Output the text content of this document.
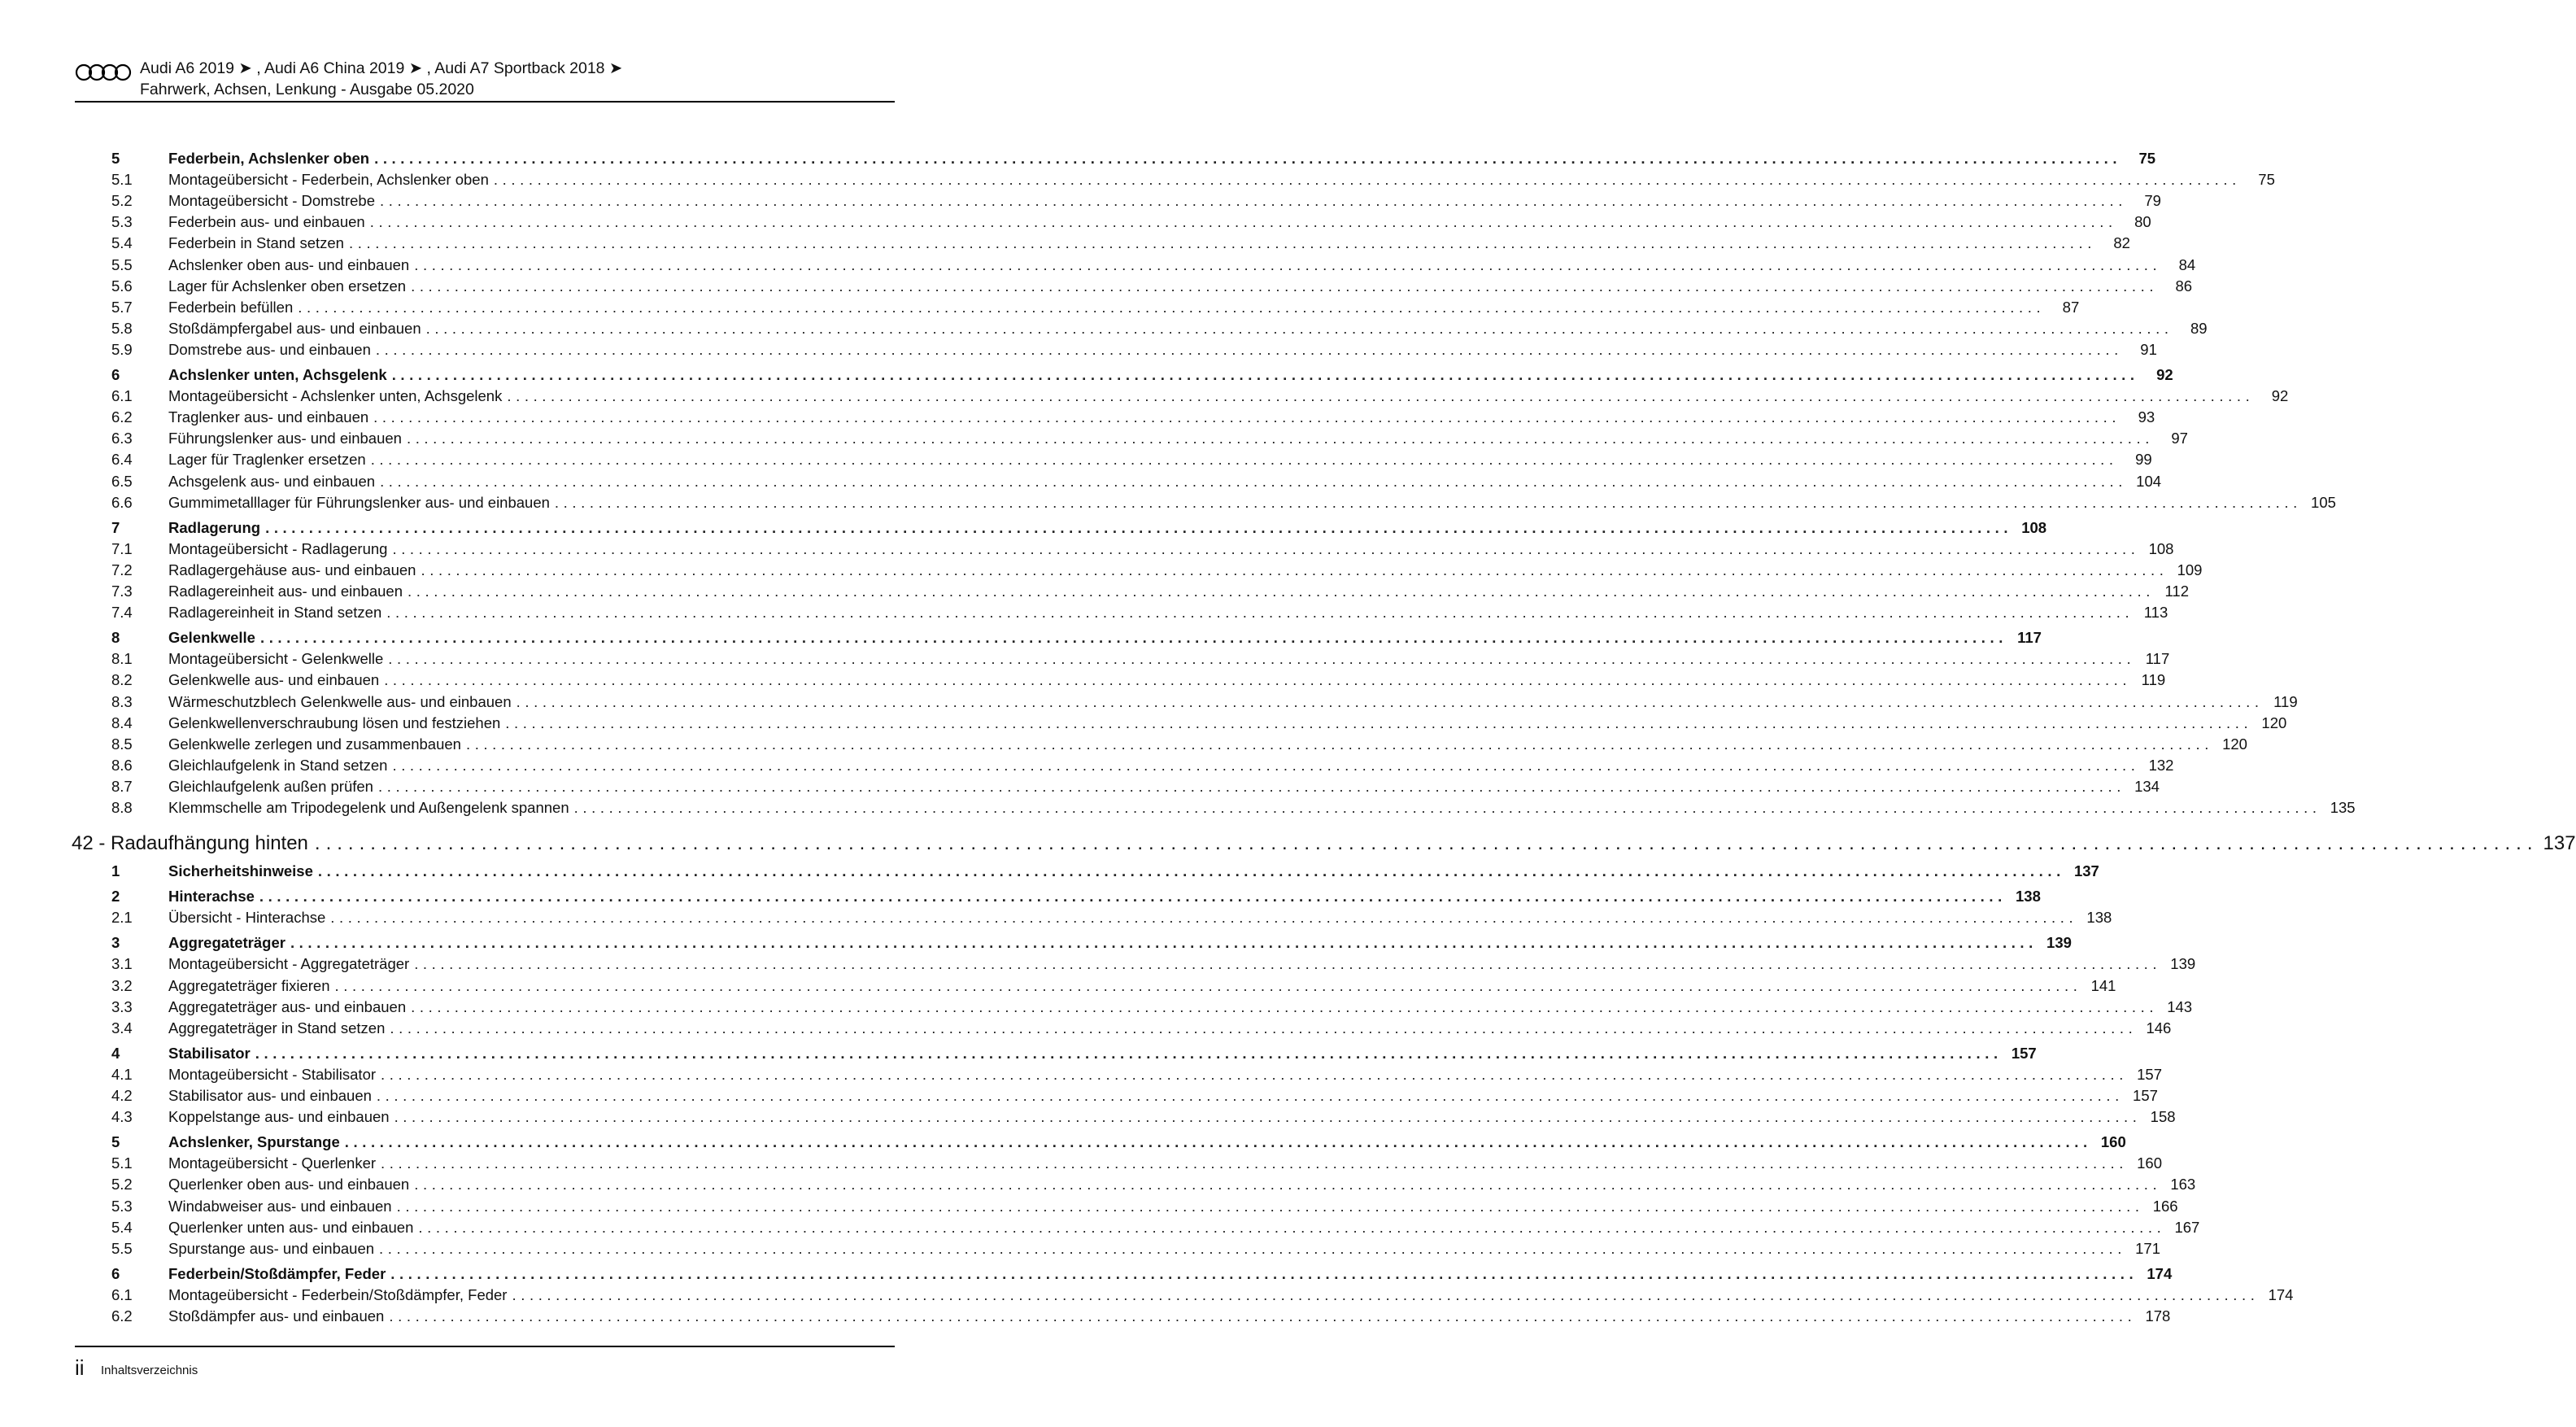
Audi A6 2019 ➤ , Audi A6 China 2019 ➤ , Audi A7 Sportback 2018 ➤
Fahrwerk, Achsen, Lenkung - Ausgabe 05.2020
5	Federbein, Achslenker oben ........................................................................................................................................................................................................	75
5.1 Montageübersicht - Federbein, Achslenker oben ........................................................................................................................................................................................................	75
5.2 Montageübersicht - Domstrebe ........................................................................................................................................................................................................	79
5.3 Federbein aus- und einbauen ........................................................................................................................................................................................................	80
5.4 Federbein in Stand setzen ........................................................................................................................................................................................................	82
5.5 Achslenker oben aus- und einbauen ........................................................................................................................................................................................................	84
5.6 Lager für Achslenker oben ersetzen ........................................................................................................................................................................................................	86
5.7 Federbein befüllen ........................................................................................................................................................................................................	87
5.8 Stoßdämpfergabel aus- und einbauen ........................................................................................................................................................................................................	89
5.9 Domstrebe aus- und einbauen ........................................................................................................................................................................................................	91
6	Achslenker unten, Achsgelenk ........................................................................................................................................................................................................	92
6.1 Montageübersicht - Achslenker unten, Achsgelenk ........................................................................................................................................................................................................	92
6.2 Traglenker aus- und einbauen ........................................................................................................................................................................................................	93
6.3 Führungslenker aus- und einbauen ........................................................................................................................................................................................................	97
6.4 Lager für Traglenker ersetzen ........................................................................................................................................................................................................	99
6.5 Achsgelenk aus- und einbauen ........................................................................................................................................................................................................ 104
6.6 Gummimetalllager für Führungslenker aus- und einbauen ........................................................................................................................................................................................................ 105
7	Radlagerung ........................................................................................................................................................................................................ 108
7.1 Montageübersicht - Radlagerung ........................................................................................................................................................................................................ 108
7.2 Radlagergehäuse aus- und einbauen ........................................................................................................................................................................................................ 109
7.3 Radlagereinheit aus- und einbauen ........................................................................................................................................................................................................ 112
7.4 Radlagereinheit in Stand setzen ........................................................................................................................................................................................................ 113
8	Gelenkwelle ........................................................................................................................................................................................................ 117
8.1 Montageübersicht - Gelenkwelle ........................................................................................................................................................................................................ 117
8.2 Gelenkwelle aus- und einbauen ........................................................................................................................................................................................................ 119
8.3 Wärmeschutzblech Gelenkwelle aus- und einbauen ........................................................................................................................................................................................................ 119
8.4 Gelenkwellenverschraubung lösen und festziehen ........................................................................................................................................................................................................ 120
8.5 Gelenkwelle zerlegen und zusammenbauen ........................................................................................................................................................................................................ 120
8.6 Gleichlaufgelenk in Stand setzen ........................................................................................................................................................................................................ 132
8.7 Gleichlaufgelenk außen prüfen ........................................................................................................................................................................................................ 134
8.8 Klemmschelle am Tripodegelenk und Außengelenk spannen ........................................................................................................................................................................................................ 135
42 - Radaufhängung hinten ........................................................................................................................................................................................................ 137
1	Sicherheitshinweise ........................................................................................................................................................................................................ 137
2	Hinterachse ........................................................................................................................................................................................................ 138
2.1 Übersicht - Hinterachse ........................................................................................................................................................................................................ 138
3	Aggregateträger ........................................................................................................................................................................................................ 139
3.1 Montageübersicht - Aggregateträger ........................................................................................................................................................................................................ 139
3.2 Aggregateträger fixieren ........................................................................................................................................................................................................ 141
3.3 Aggregateträger aus- und einbauen ........................................................................................................................................................................................................ 143
3.4 Aggregateträger in Stand setzen ........................................................................................................................................................................................................ 146
4	Stabilisator ........................................................................................................................................................................................................ 157
4.1 Montageübersicht - Stabilisator ........................................................................................................................................................................................................ 157
4.2 Stabilisator aus- und einbauen ........................................................................................................................................................................................................ 157
4.3 Koppelstange aus- und einbauen ........................................................................................................................................................................................................ 158
5	Achslenker, Spurstange ........................................................................................................................................................................................................ 160
5.1 Montageübersicht - Querlenker ........................................................................................................................................................................................................ 160
5.2 Querlenker oben aus- und einbauen ........................................................................................................................................................................................................ 163
5.3 Windabweiser aus- und einbauen ........................................................................................................................................................................................................ 166
5.4 Querlenker unten aus- und einbauen ........................................................................................................................................................................................................ 167
5.5 Spurstange aus- und einbauen ........................................................................................................................................................................................................ 171
6	Federbein/Stoßdämpfer, Feder ........................................................................................................................................................................................................ 174
6.1 Montageübersicht - Federbein/Stoßdämpfer, Feder ........................................................................................................................................................................................................ 174
6.2 Stoßdämpfer aus- und einbauen ........................................................................................................................................................................................................ 178
ii Inhaltsverzeichnis
